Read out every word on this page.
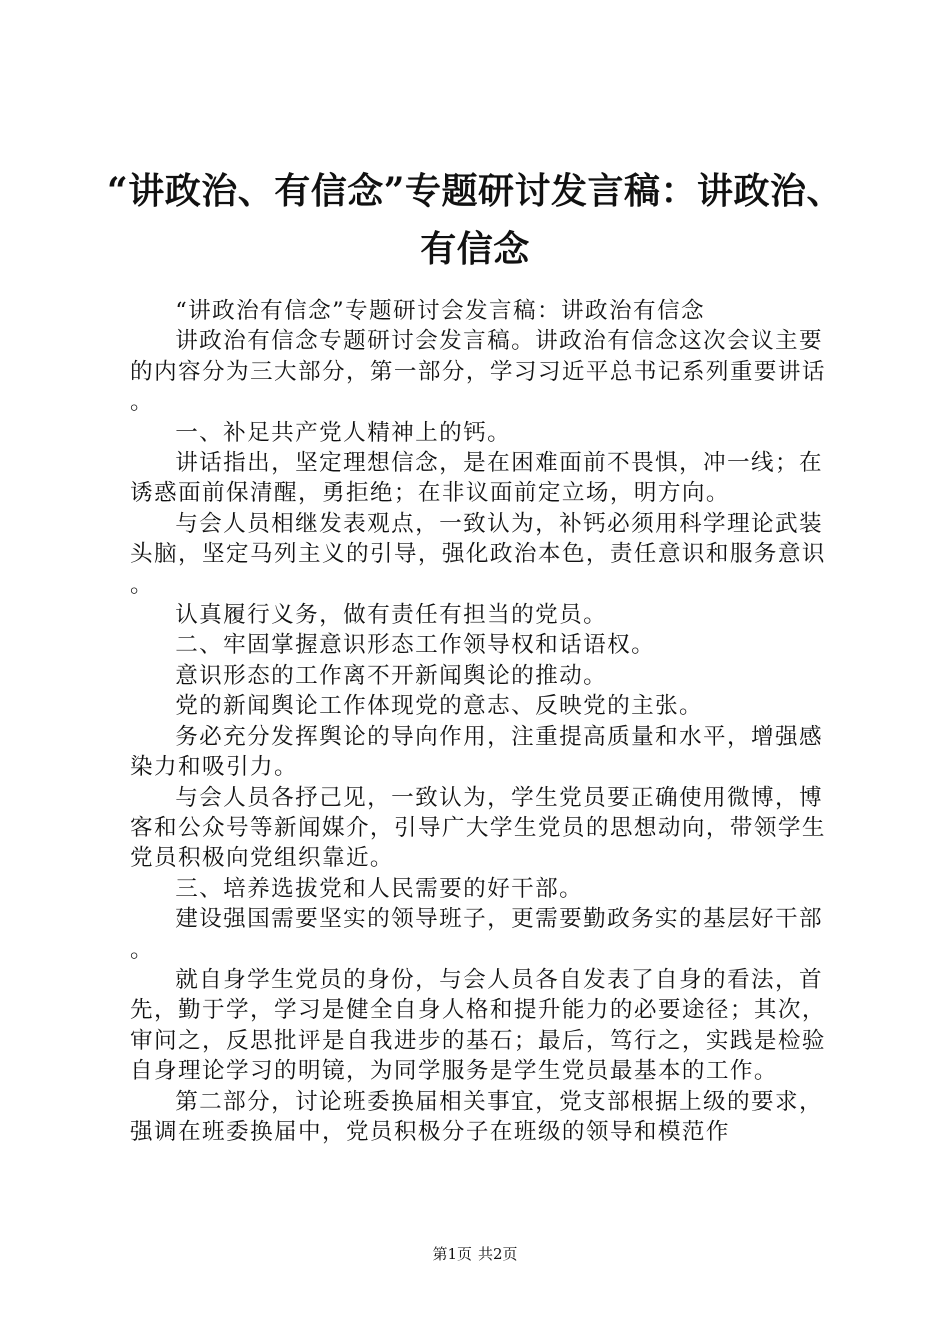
“讲政治、有信念”专题研讨发言稿：讲政治、
有信念

“讲政治有信念”专题研讨会发言稿：讲政治有信念

讲政治有信念专题研讨会发言稿。讲政治有信念这次会议主要的内容分为三大部分，第一部分，学习习近平总书记系列重要讲话。

一、补足共产党人精神上的钙。

讲话指出，坚定理想信念，是在困难面前不畏惧，冲一线；在诱惑面前保清醒，勇拒绝；在非议面前定立场，明方向。

与会人员相继发表观点，一致认为，补钙必须用科学理论武装头脑，坚定马列主义的引导，强化政治本色，责任意识和服务意识。

认真履行义务，做有责任有担当的党员。

二、牢固掌握意识形态工作领导权和话语权。

意识形态的工作离不开新闻舆论的推动。

党的新闻舆论工作体现党的意志、反映党的主张。

务必充分发挥舆论的导向作用，注重提高质量和水平，增强感染力和吸引力。

与会人员各抒己见，一致认为，学生党员要正确使用微博，博客和公众号等新闻媒介，引导广大学生党员的思想动向，带领学生党员积极向党组织靠近。

三、培养选拔党和人民需要的好干部。

建设强国需要坚实的领导班子，更需要勤政务实的基层好干部。

就自身学生党员的身份，与会人员各自发表了自身的看法，首先，勤于学，学习是健全自身人格和提升能力的必要途径；其次，审问之，反思批评是自我进步的基石；最后，笃行之，实践是检验自身理论学习的明镜，为同学服务是学生党员最基本的工作。

第二部分，讨论班委换届相关事宜，党支部根据上级的要求，强调在班委换届中，党员积极分子在班级的领导和模范作

第1页 共2页
